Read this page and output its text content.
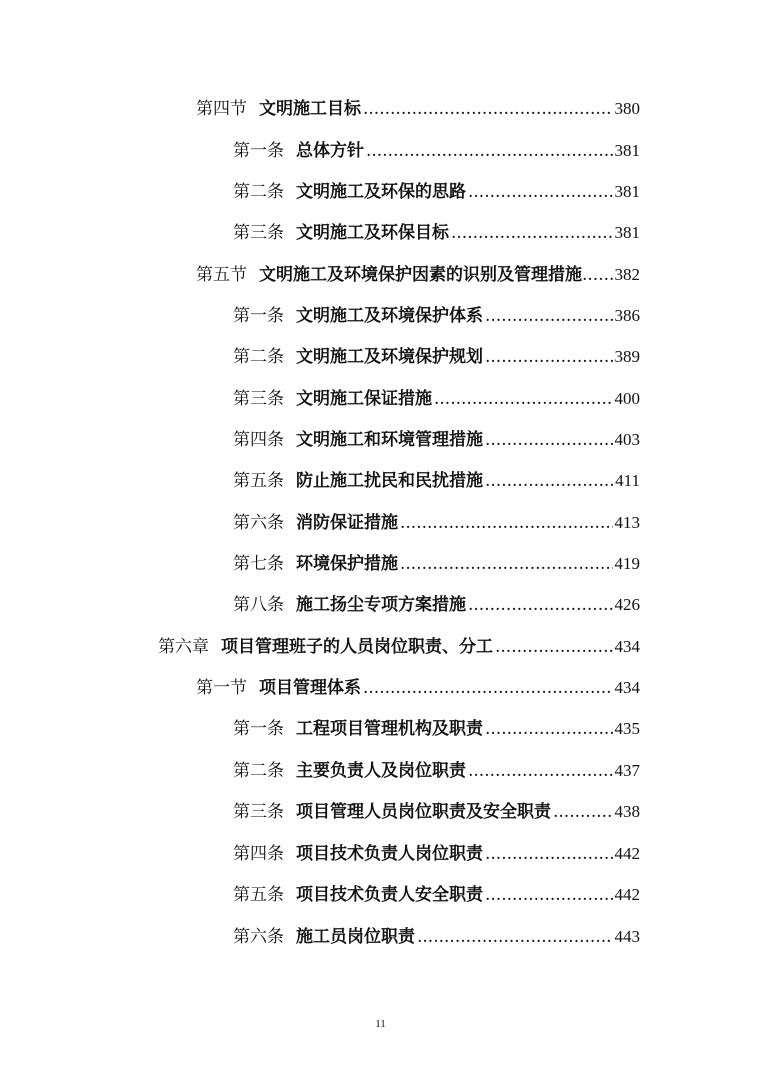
第四节 文明施工目标 .....	380
第一条 总体方针 .....	381
第二条 文明施工及环保的思路 .....	381
第三条 文明施工及环保目标 .....	381
第五节 文明施工及环境保护因素的识别及管理措施 ..... 382
第一条 文明施工及环境保护体系 .....	386
第二条 文明施工及环境保护规划 .....	389
第三条 文明施工保证措施 .....	400
第四条 文明施工和环境管理措施 .....	403
第五条 防止施工扰民和民扰措施 .....	411
第六条 消防保证措施 .....	413
第七条 环境保护措施 .....	419
第八条 施工扬尘专项方案措施 .....	426
第六章 项目管理班子的人员岗位职责、分工 .....	434
第一节 项目管理体系 .....	434
第一条 工程项目管理机构及职责 .....	435
第二条 主要负责人及岗位职责 .....	437
第三条 项目管理人员岗位职责及安全职责 .....	438
第四条 项目技术负责人岗位职责 .....	442
第五条 项目技术负责人安全职责 .....	442
第六条 施工员岗位职责 .....	443
11
